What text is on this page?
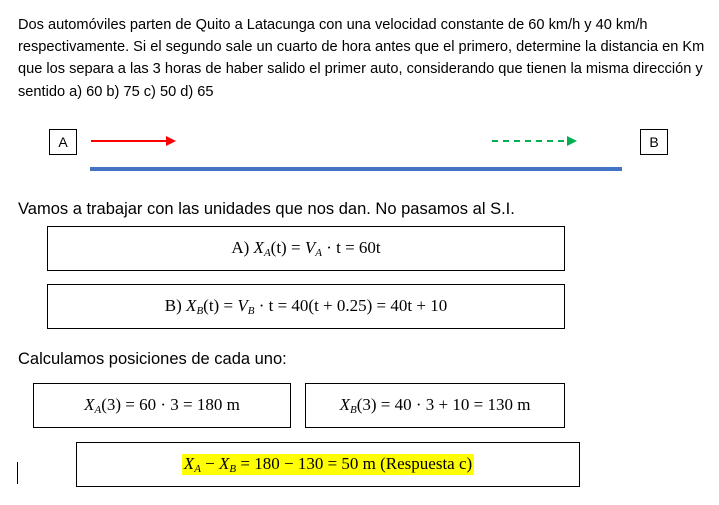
Dos automóviles parten de Quito a Latacunga con una velocidad constante de 60 km/h y 40 km/h respectivamente. Si el segundo sale un cuarto de hora antes que el primero, determine la distancia en Km que los separa a las 3 horas de haber salido el primer auto, considerando que tienen la misma dirección y sentido a) 60 b) 75 c) 50 d) 65

A	B

Vamos a trabajar con las unidades que nos dan. No pasamos al S.I.

A) $X_A(t) = V_A \cdot t = 60t$
B) $X_B(t) = V_B \cdot t = 40(t + 0.25) = 40t + 10$

Calculamos posiciones de cada uno:

$X_A(3) = 60 \cdot 3 = 180$ m	$X_B(3) = 40 \cdot 3 + 10 = 130$ m
$X_A - X_B = 180 - 130 = 50$ m (Respuesta c)
